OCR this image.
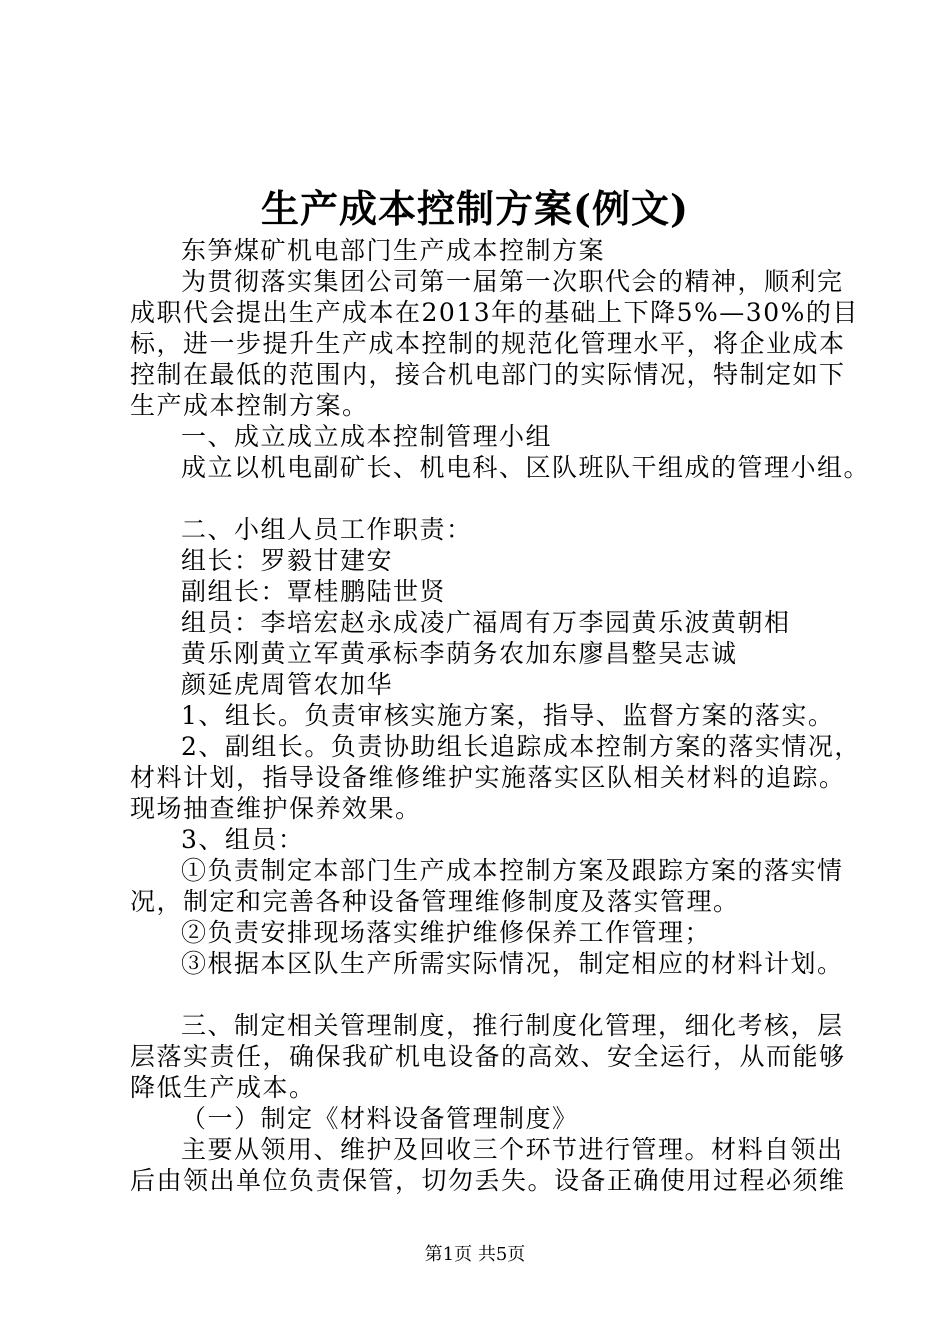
生产成本控制方案(例文)
东笋煤矿机电部门生产成本控制方案
为贯彻落实集团公司第一届第一次职代会的精神，顺利完
成职代会提出生产成本在2013年的基础上下降5%—30%的目
标，进一步提升生产成本控制的规范化管理水平，将企业成本
控制在最低的范围内，接合机电部门的实际情况，特制定如下
生产成本控制方案。
一、成立成立成本控制管理小组
成立以机电副矿长、机电科、区队班队干组成的管理小组。
二、小组人员工作职责：
组长：罗毅甘建安
副组长：覃桂鹏陆世贤
组员：李培宏赵永成凌广福周有万李园黄乐波黄朝相
黄乐刚黄立军黄承标李荫务农加东廖昌整吴志诚
颜延虎周管农加华
1、组长。负责审核实施方案，指导、监督方案的落实。
2、副组长。负责协助组长追踪成本控制方案的落实情况，
材料计划，指导设备维修维护实施落实区队相关材料的追踪。
现场抽查维护保养效果。
3、组员：
①负责制定本部门生产成本控制方案及跟踪方案的落实情
况，制定和完善各种设备管理维修制度及落实管理。
②负责安排现场落实维护维修保养工作管理；
③根据本区队生产所需实际情况，制定相应的材料计划。
三、制定相关管理制度，推行制度化管理，细化考核，层
层落实责任，确保我矿机电设备的高效、安全运行，从而能够
降低生产成本。
（一）制定《材料设备管理制度》
主要从领用、维护及回收三个环节进行管理。材料自领出
后由领出单位负责保管，切勿丢失。设备正确使用过程必须维
第1页 共5页
